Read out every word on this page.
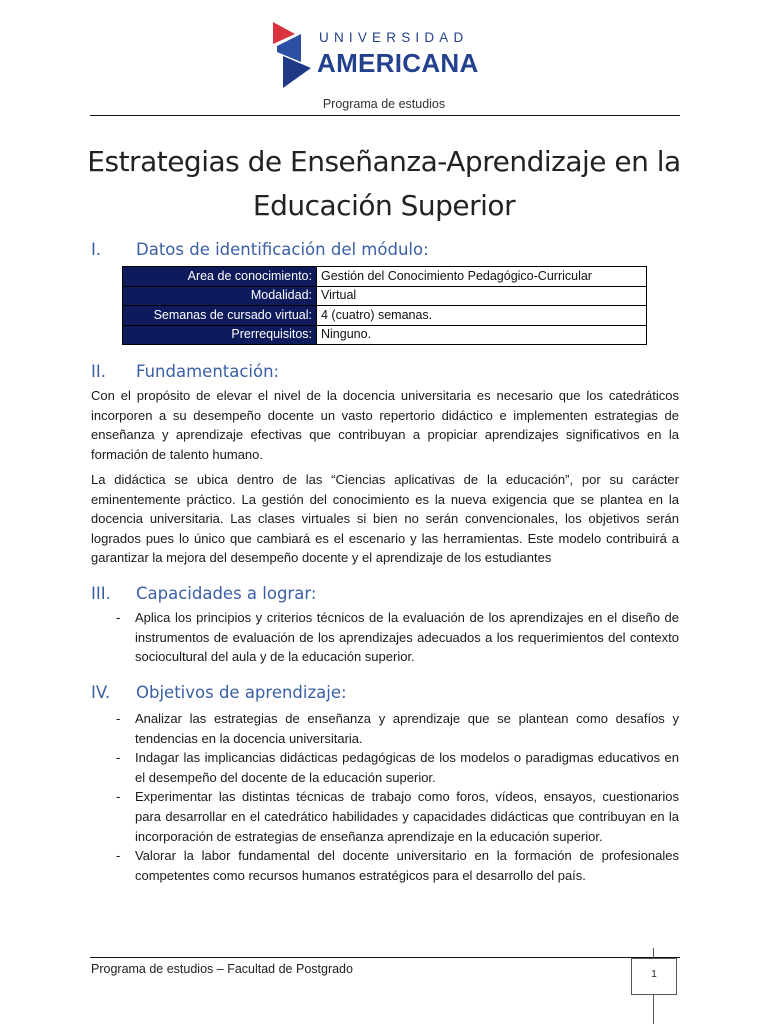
UNIVERSIDAD
AMERICANA
Programa de estudios
Estrategias de Enseñanza-Aprendizaje en la
Educación Superior
I. Datos de identificación del módulo:
Area de conocimiento:	Gestión del Conocimiento Pedagógico-Curricular
Modalidad:	Virtual
Semanas de cursado virtual:	4 (cuatro) semanas.
Prerrequisitos:	Ninguno.
II. Fundamentación:

Con el propósito de elevar el nivel de la docencia universitaria es necesario que los catedráticos incorporen a su desempeño docente un vasto repertorio didáctico e implementen estrategias de enseñanza y aprendizaje efectivas que contribuyan a propiciar aprendizajes significativos en la formación de talento humano.

La didáctica se ubica dentro de las “Ciencias aplicativas de la educación”, por su carácter eminentemente práctico. La gestión del conocimiento es la nueva exigencia que se plantea en la docencia universitaria. Las clases virtuales si bien no serán convencionales, los objetivos serán logrados pues lo único que cambiará es el escenario y las herramientas. Este modelo contribuirá a garantizar la mejora del desempeño docente y el aprendizaje de los estudiantes

III. Capacidades a lograr:
- Aplica los principios y criterios técnicos de la evaluación de los aprendizajes en el diseño de instrumentos de evaluación de los aprendizajes adecuados a los requerimientos del contexto sociocultural del aula y de la educación superior.
IV. Objetivos de aprendizaje:
- Analizar las estrategias de enseñanza y aprendizaje que se plantean como desafíos y tendencias en la docencia universitaria.
- Indagar las implicancias didácticas pedagógicas de los modelos o paradigmas educativos en el desempeño del docente de la educación superior.
- Experimentar las distintas técnicas de trabajo como foros, vídeos, ensayos, cuestionarios para desarrollar en el catedrático habilidades y capacidades didácticas que contribuyan en la incorporación de estrategias de enseñanza aprendizaje en la educación superior.
- Valorar la labor fundamental del docente universitario en la formación de profesionales competentes como recursos humanos estratégicos para el desarrollo del país.
Programa de estudios – Facultad de Postgrado	1
